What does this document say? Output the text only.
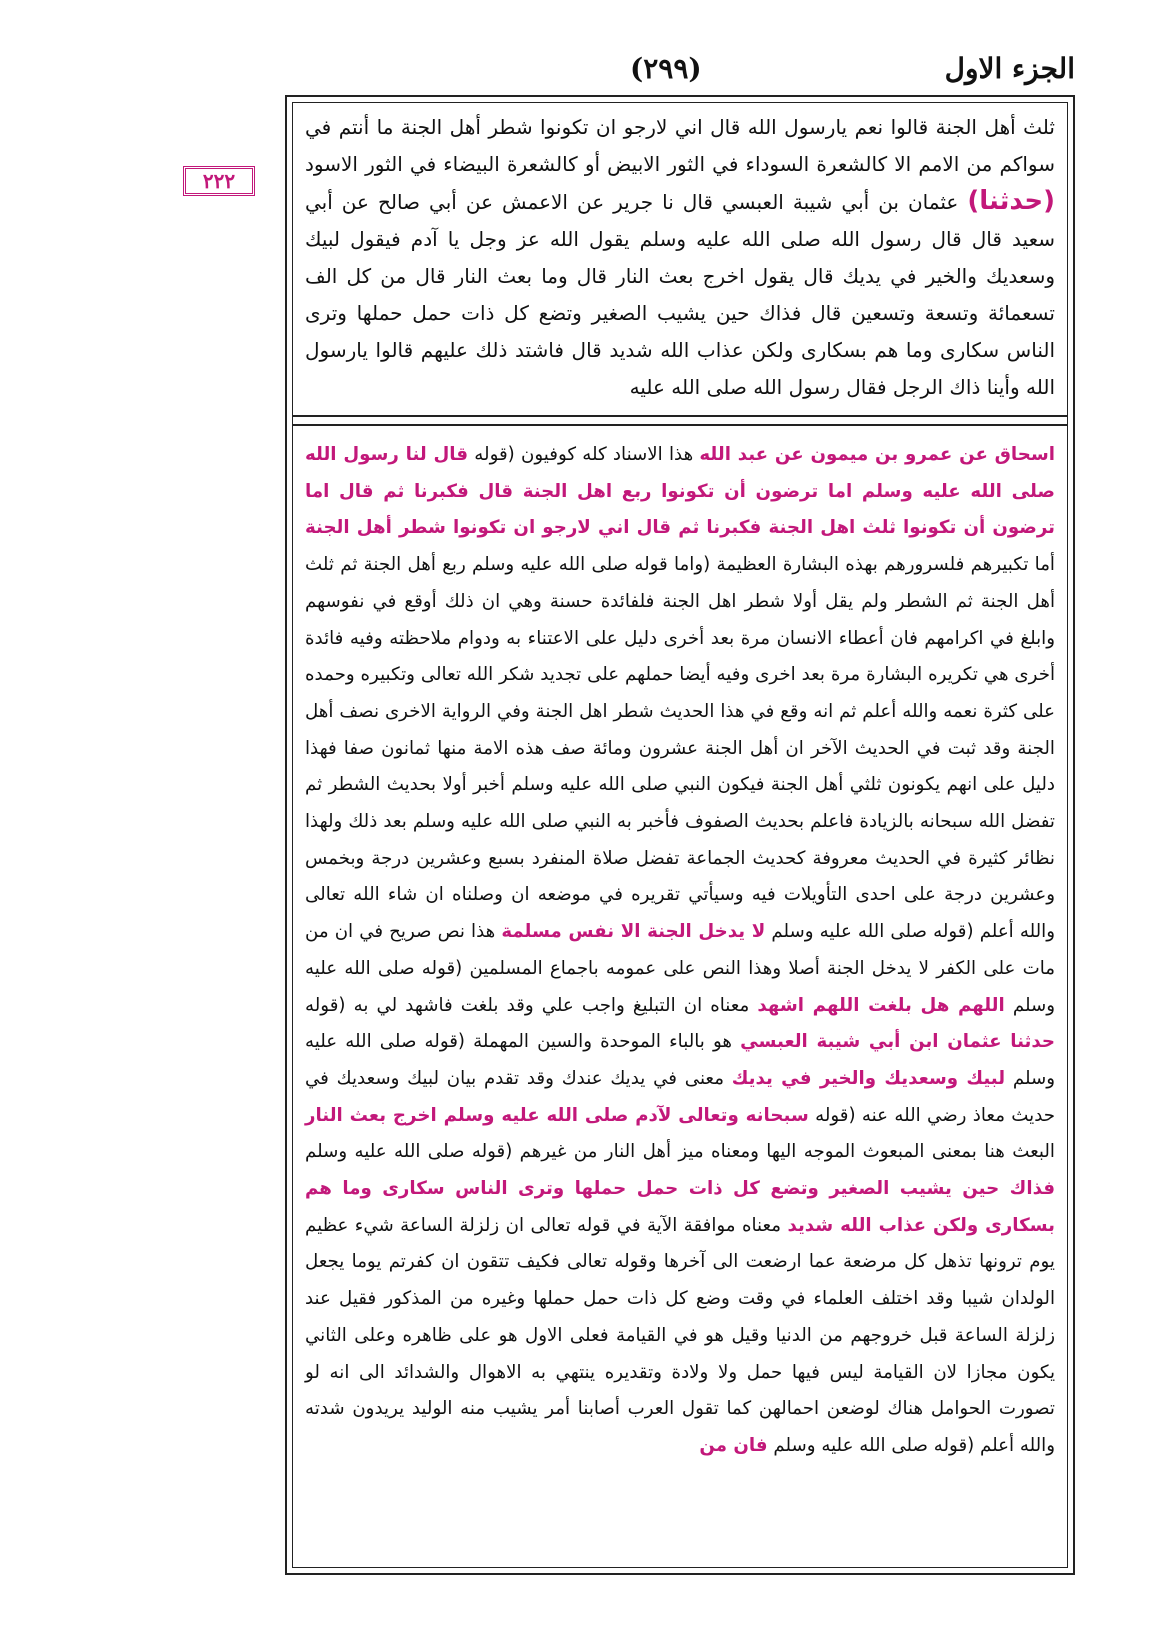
(٢٩٩)	الجزء الاول
٢٢٢

ثلث أهل الجنة قالوا نعم يارسول الله قال اني لارجو ان تكونوا شطر أهل الجنة ما أنتم في سواكم من الامم الا كالشعرة السوداء في الثور الابيض أو كالشعرة البيضاء في الثور الاسود (حدثنا) عثمان بن أبي شيبة العبسي قال نا جرير عن الاعمش عن أبي صالح عن أبي سعيد قال قال رسول الله صلى الله عليه وسلم يقول الله عز وجل يا آدم فيقول لبيك وسعديك والخير في يديك قال يقول اخرج بعث النار قال وما بعث النار قال من كل الف تسعمائة وتسعة وتسعين قال فذاك حين يشيب الصغير وتضع كل ذات حمل حملها وترى الناس سكارى وما هم بسكارى ولكن عذاب الله شديد قال فاشتد ذلك عليهم قالوا يارسول الله وأينا ذاك الرجل فقال رسول الله صلى الله عليه

اسحاق عن عمرو بن ميمون عن عبد الله هذا الاسناد كله كوفيون (قوله قال لنا رسول الله صلى الله عليه وسلم اما ترضون أن تكونوا ربع اهل الجنة قال فكبرنا ثم قال اما ترضون أن تكونوا ثلث اهل الجنة فكبرنا ثم قال اني لارجو ان تكونوا شطر أهل الجنة أما تكبيرهم فلسرورهم بهذه البشارة العظيمة (واما قوله صلى الله عليه وسلم ربع أهل الجنة ثم ثلث أهل الجنة ثم الشطر ولم يقل أولا شطر اهل الجنة فلفائدة حسنة وهي ان ذلك أوقع في نفوسهم وابلغ في اكرامهم فان أعطاء الانسان مرة بعد أخرى دليل على الاعتناء به ودوام ملاحظته وفيه فائدة أخرى هي تكريره البشارة مرة بعد اخرى وفيه أيضا حملهم على تجديد شكر الله تعالى وتكبيره وحمده على كثرة نعمه والله أعلم ثم انه وقع في هذا الحديث شطر اهل الجنة وفي الرواية الاخرى نصف أهل الجنة وقد ثبت في الحديث الآخر ان أهل الجنة عشرون ومائة صف هذه الامة منها ثمانون صفا فهذا دليل على انهم يكونون ثلثي أهل الجنة فيكون النبي صلى الله عليه وسلم أخبر أولا بحديث الشطر ثم تفضل الله سبحانه بالزيادة فاعلم بحديث الصفوف فأخبر به النبي صلى الله عليه وسلم بعد ذلك ولهذا نظائر كثيرة في الحديث معروفة كحديث الجماعة تفضل صلاة المنفرد بسبع وعشرين درجة وبخمس وعشرين درجة على احدى التأويلات فيه وسيأتي تقريره في موضعه ان وصلناه ان شاء الله تعالى والله أعلم (قوله صلى الله عليه وسلم لا يدخل الجنة الا نفس مسلمة هذا نص صريح في ان من مات على الكفر لا يدخل الجنة أصلا وهذا النص على عمومه باجماع المسلمين (قوله صلى الله عليه وسلم اللهم هل بلغت اللهم اشهد معناه ان التبليغ واجب علي وقد بلغت فاشهد لي به (قوله حدثنا عثمان ابن أبي شيبة العبسي هو بالباء الموحدة والسين المهملة (قوله صلى الله عليه وسلم لبيك وسعديك والخير في يديك معنى في يديك عندك وقد تقدم بيان لبيك وسعديك في حديث معاذ رضي الله عنه (قوله سبحانه وتعالى لآدم صلى الله عليه وسلم اخرج بعث النار البعث هنا بمعنى المبعوث الموجه اليها ومعناه ميز أهل النار من غيرهم (قوله صلى الله عليه وسلم فذاك حين يشيب الصغير وتضع كل ذات حمل حملها وترى الناس سكارى وما هم بسكارى ولكن عذاب الله شديد معناه موافقة الآية في قوله تعالى ان زلزلة الساعة شيء عظيم يوم ترونها تذهل كل مرضعة عما ارضعت الى آخرها وقوله تعالى فكيف تتقون ان كفرتم يوما يجعل الولدان شيبا وقد اختلف العلماء في وقت وضع كل ذات حمل حملها وغيره من المذكور فقيل عند زلزلة الساعة قبل خروجهم من الدنيا وقيل هو في القيامة فعلى الاول هو على ظاهره وعلى الثاني يكون مجازا لان القيامة ليس فيها حمل ولا ولادة وتقديره ينتهي به الاهوال والشدائد الى انه لو تصورت الحوامل هناك لوضعن احمالهن كما تقول العرب أصابنا أمر يشيب منه الوليد يريدون شدته والله أعلم (قوله صلى الله عليه وسلم فان من
